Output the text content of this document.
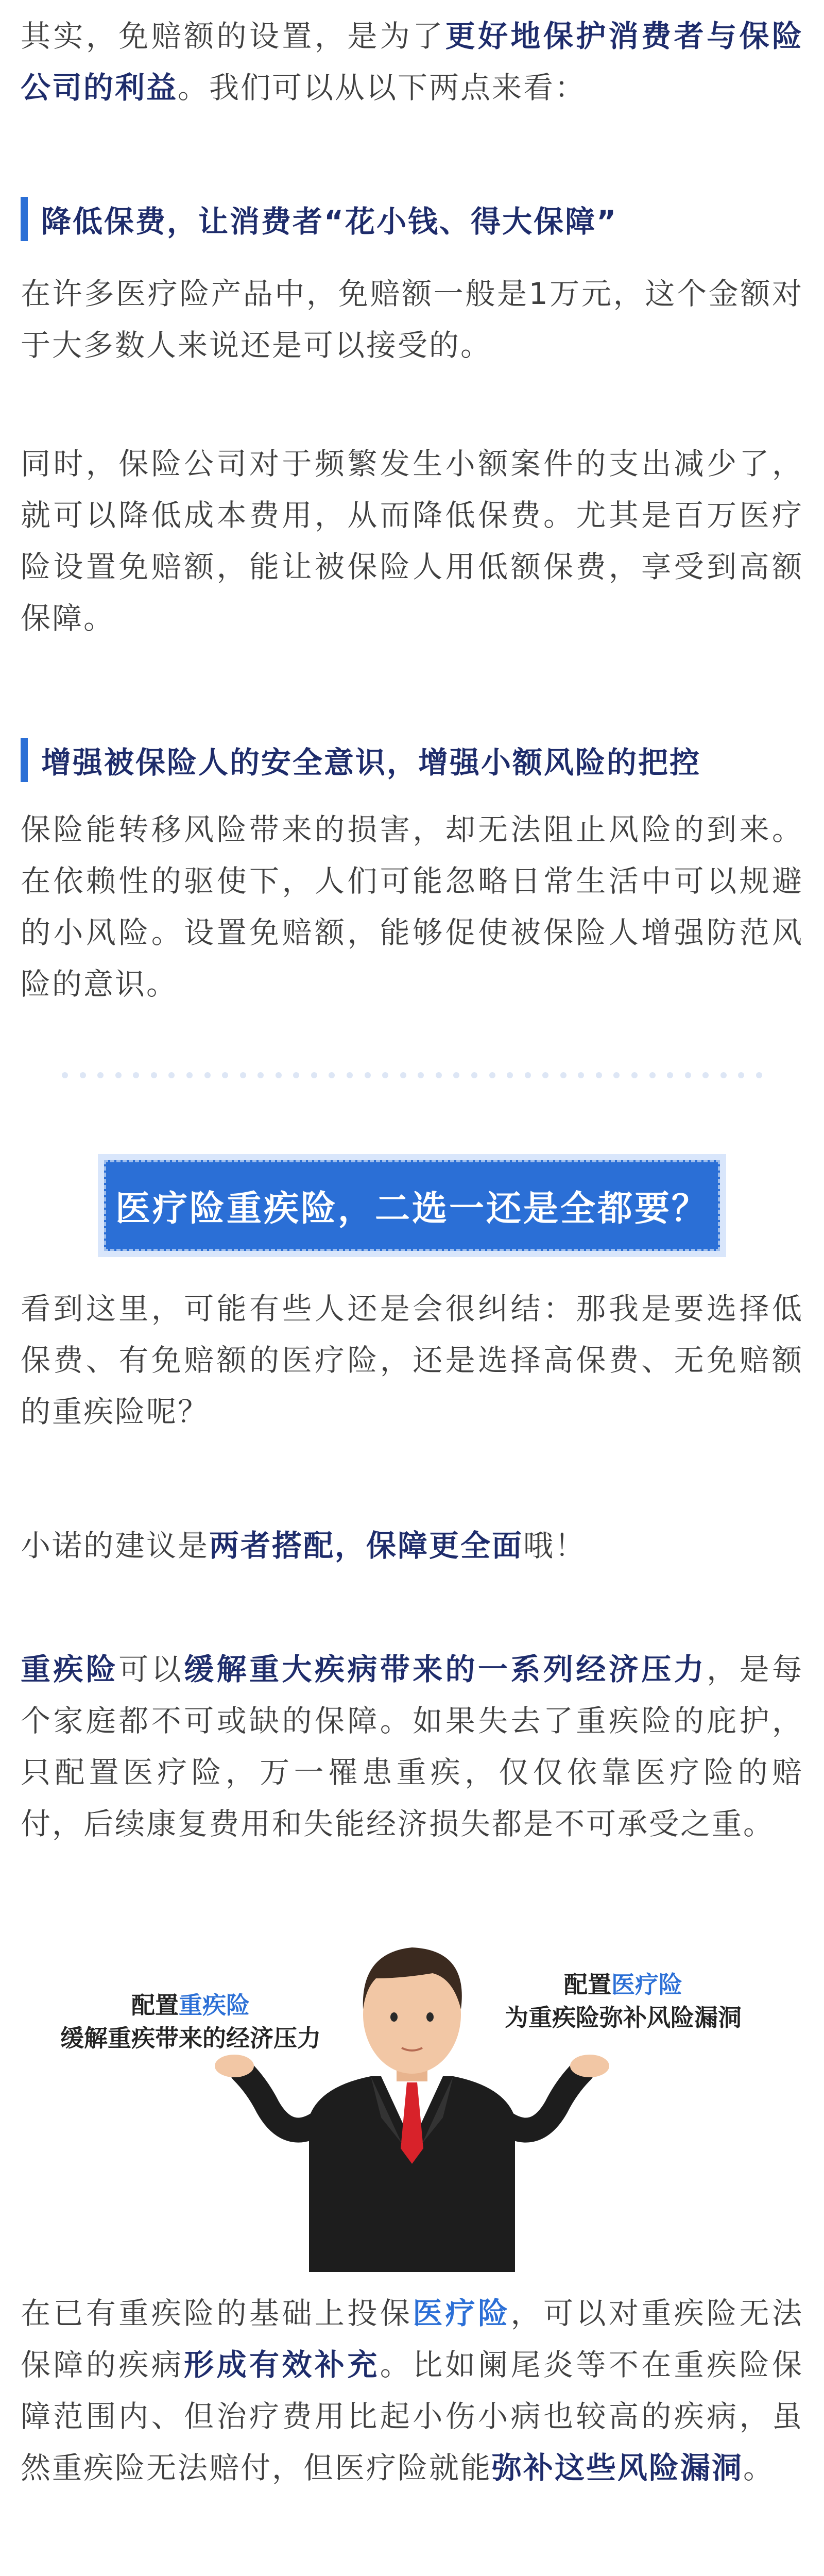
其实，免赔额的设置，是为了更好地保护消费者与保险公司的利益。我们可以从以下两点来看：

降低保费，让消费者“花小钱、得大保障”

在许多医疗险产品中，免赔额一般是1万元，这个金额对于大多数人来说还是可以接受的。

同时，保险公司对于频繁发生小额案件的支出减少了，就可以降低成本费用，从而降低保费。尤其是百万医疗险设置免赔额，能让被保险人用低额保费，享受到高额保障。

增强被保险人的安全意识，增强小额风险的把控

保险能转移风险带来的损害，却无法阻止风险的到来。在依赖性的驱使下，人们可能忽略日常生活中可以规避的小风险。设置免赔额，能够促使被保险人增强防范风险的意识。

医疗险重疾险，二选一还是全都要？

看到这里，可能有些人还是会很纠结：那我是要选择低保费、有免赔额的医疗险，还是选择高保费、无免赔额的重疾险呢？

小诺的建议是两者搭配，保障更全面哦！

重疾险可以缓解重大疾病带来的一系列经济压力，是每个家庭都不可或缺的保障。如果失去了重疾险的庇护，只配置医疗险，万一罹患重疾，仅仅依靠医疗险的赔付，后续康复费用和失能经济损失都是不可承受之重。

配置重疾险
缓解重疾带来的经济压力
配置医疗险
为重疾险弥补风险漏洞

在已有重疾险的基础上投保医疗险，可以对重疾险无法保障的疾病形成有效补充。比如阑尾炎等不在重疾险保障范围内、但治疗费用比起小伤小病也较高的疾病，虽然重疾险无法赔付，但医疗险就能弥补这些风险漏洞。
